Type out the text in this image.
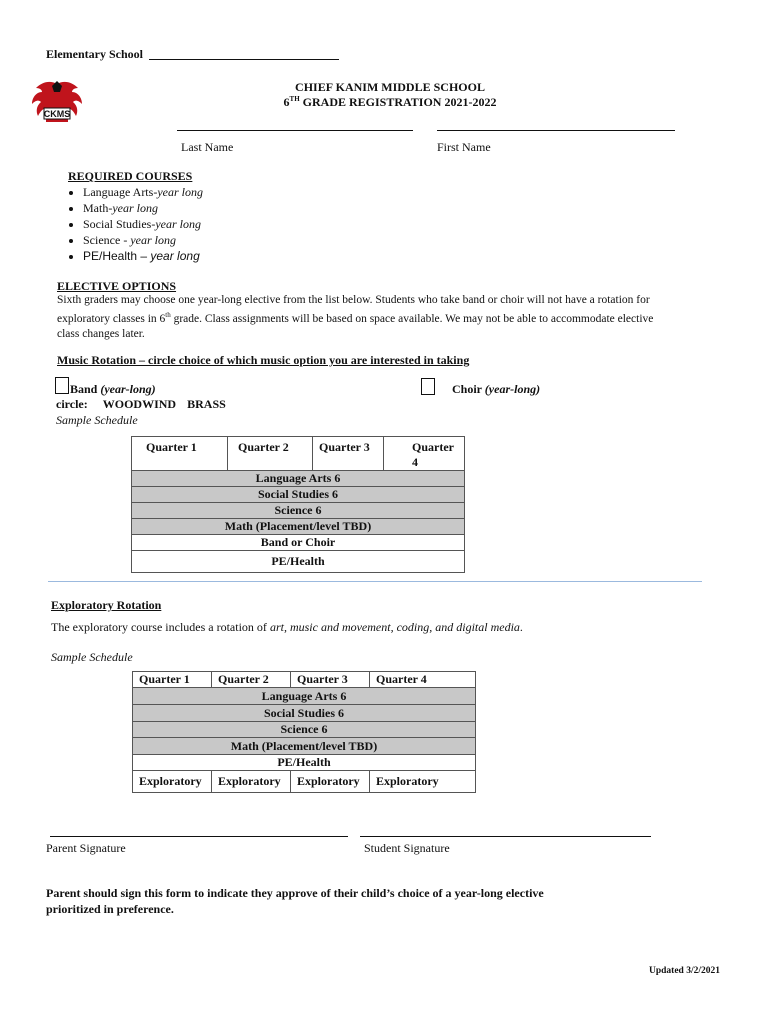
Elementary School
CKMS
CHIEF KANIM MIDDLE SCHOOL
6TH GRADE REGISTRATION 2021-2022
Last Name	First Name
REQUIRED COURSES
• Language Arts-year long
• Math-year long
• Social Studies-year long
• Science - year long
• PE/Health – year long
ELECTIVE OPTIONS
Sixth graders may choose one year-long elective from the list below. Students who take band or choir will not have a rotation for
exploratory classes in 6th grade. Class assignments will be based on space available. We may not be able to accommodate elective
class changes later.
Music Rotation – circle choice of which music option you are interested in taking
Band (year-long)	Choir (year-long)
circle: WOODWIND BRASS
Sample Schedule
Quarter 1	Quarter 2	Quarter 3	Quarter 4
Language Arts 6
Social Studies 6
Science 6
Math (Placement/level TBD)
Band or Choir
PE/Health
Exploratory Rotation
The exploratory course includes a rotation of art, music and movement, coding, and digital media.
Sample Schedule
Quarter 1	Quarter 2	Quarter 3	Quarter 4
Language Arts 6			
Social Studies 6			
Science 6			
Math (Placement/level TBD)			
PE/Health			
Exploratory	Exploratory	Exploratory	Exploratory
Parent Signature	Student Signature
Parent should sign this form to indicate they approve of their child’s choice of a year-long elective
prioritized in preference.
Updated 3/2/2021
